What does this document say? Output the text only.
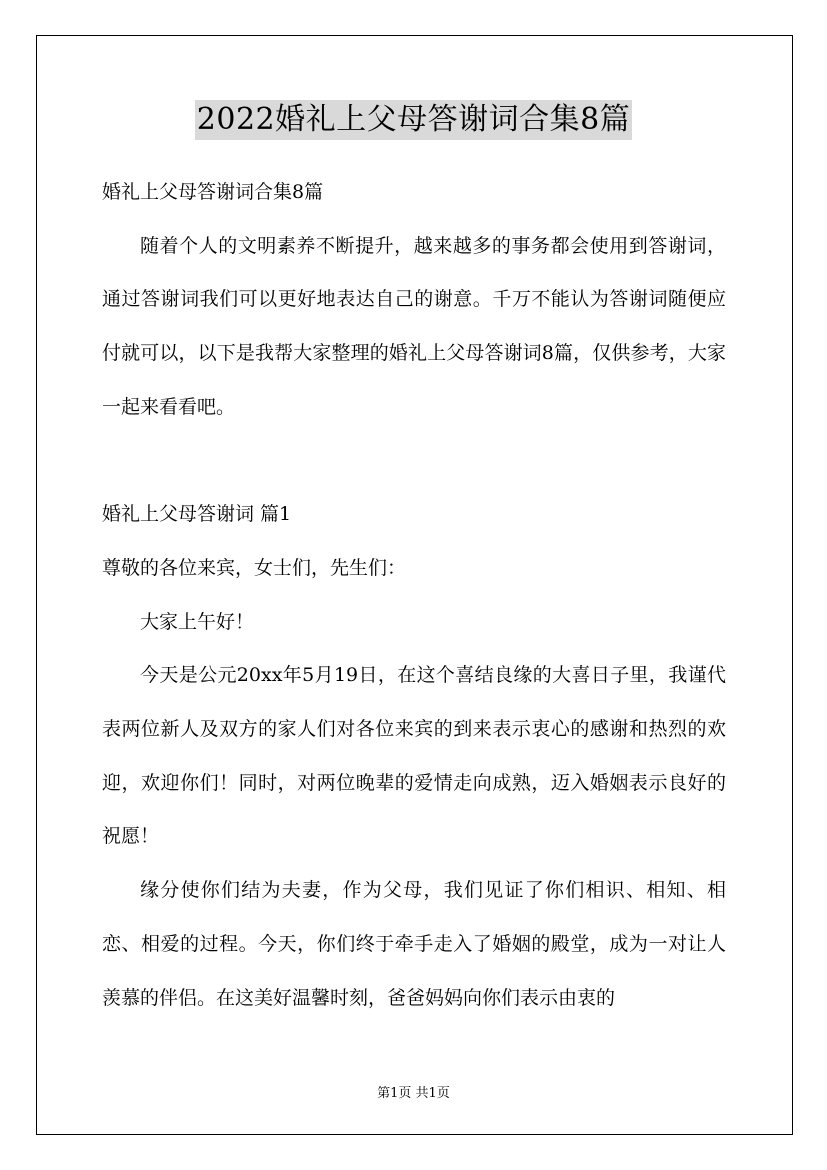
2022婚礼上父母答谢词合集8篇

婚礼上父母答谢词合集8篇

随着个人的文明素养不断提升，越来越多的事务都会使用到答谢词，通过答谢词我们可以更好地表达自己的谢意。千万不能认为答谢词随便应付就可以，以下是我帮大家整理的婚礼上父母答谢词8篇，仅供参考，大家一起来看看吧。

婚礼上父母答谢词 篇1

尊敬的各位来宾，女士们，先生们：

大家上午好！

今天是公元20xx年5月19日，在这个喜结良缘的大喜日子里，我谨代表两位新人及双方的家人们对各位来宾的到来表示衷心的感谢和热烈的欢迎，欢迎你们！同时，对两位晚辈的爱情走向成熟，迈入婚姻表示良好的祝愿！

缘分使你们结为夫妻，作为父母，我们见证了你们相识、相知、相恋、相爱的过程。今天，你们终于牵手走入了婚姻的殿堂，成为一对让人羡慕的伴侣。在这美好温馨时刻，爸爸妈妈向你们表示由衷的

第1页 共1页
